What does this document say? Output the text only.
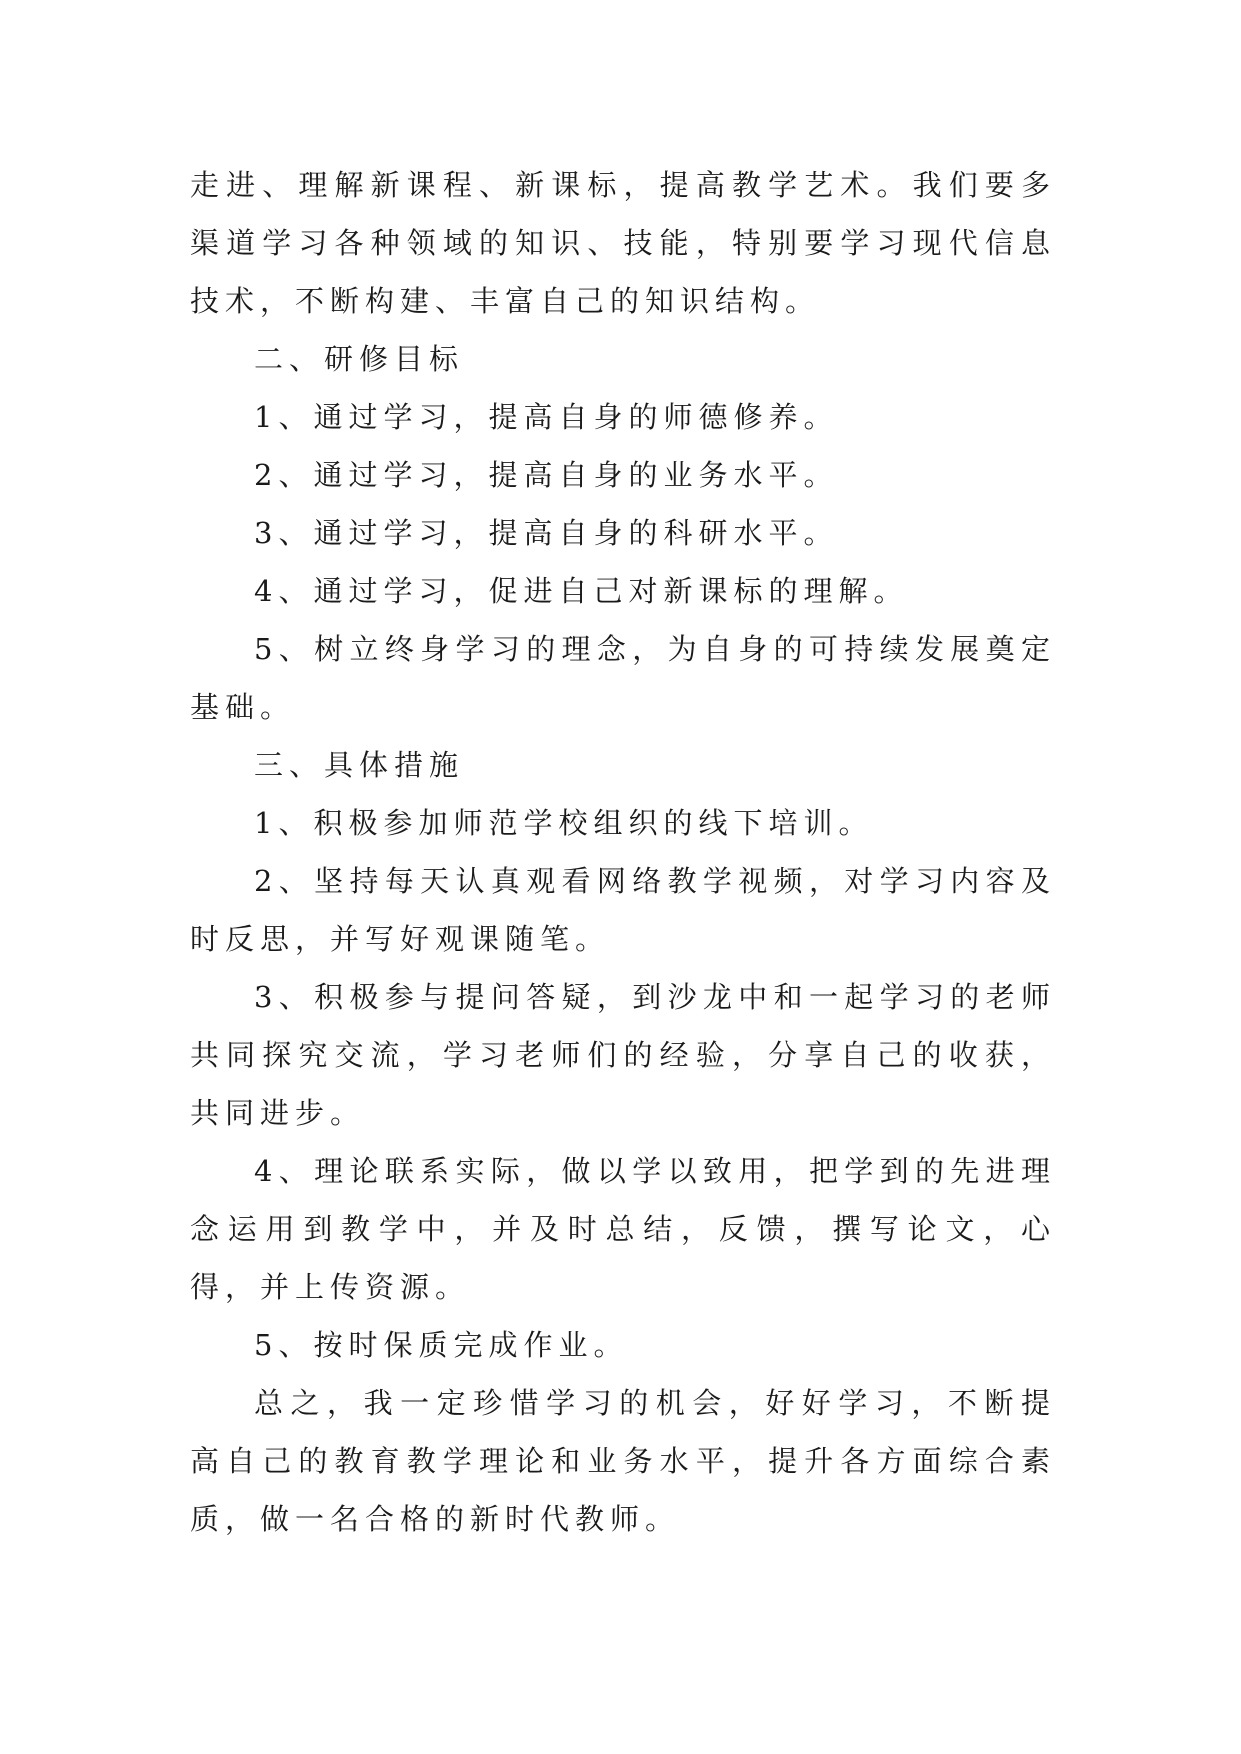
走进、理解新课程、新课标，提高教学艺术。我们要多渠道学习各种领域的知识、技能，特别要学习现代信息技术，不断构建、丰富自己的知识结构。

二、研修目标

1、通过学习，提高自身的师德修养。

2、通过学习，提高自身的业务水平。

3、通过学习，提高自身的科研水平。

4、通过学习，促进自己对新课标的理解。

5、树立终身学习的理念，为自身的可持续发展奠定基础。

三、具体措施

1、积极参加师范学校组织的线下培训。

2、坚持每天认真观看网络教学视频，对学习内容及时反思，并写好观课随笔。

3、积极参与提问答疑，到沙龙中和一起学习的老师共同探究交流，学习老师们的经验，分享自己的收获，共同进步。

4、理论联系实际，做以学以致用，把学到的先进理念运用到教学中，并及时总结，反馈，撰写论文，心得，并上传资源。

5、按时保质完成作业。

总之，我一定珍惜学习的机会，好好学习，不断提高自己的教育教学理论和业务水平，提升各方面综合素质，做一名合格的新时代教师。
